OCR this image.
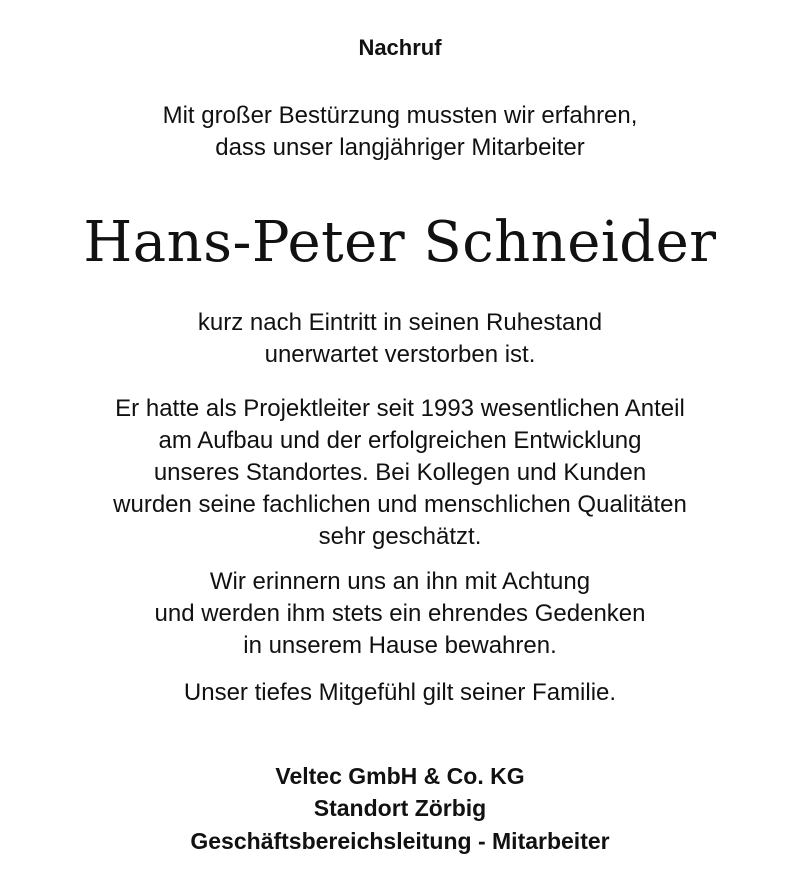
Nachruf
Mit großer Bestürzung mussten wir erfahren,
dass unser langjähriger Mitarbeiter
Hans-Peter Schneider
kurz nach Eintritt in seinen Ruhestand
unerwartet verstorben ist.
Er hatte als Projektleiter seit 1993 wesentlichen Anteil
am Aufbau und der erfolgreichen Entwicklung
unseres Standortes. Bei Kollegen und Kunden
wurden seine fachlichen und menschlichen Qualitäten
sehr geschätzt.
Wir erinnern uns an ihn mit Achtung
und werden ihm stets ein ehrendes Gedenken
in unserem Hause bewahren.
Unser tiefes Mitgefühl gilt seiner Familie.
Veltec GmbH & Co. KG
Standort Zörbig
Geschäftsbereichsleitung - Mitarbeiter
